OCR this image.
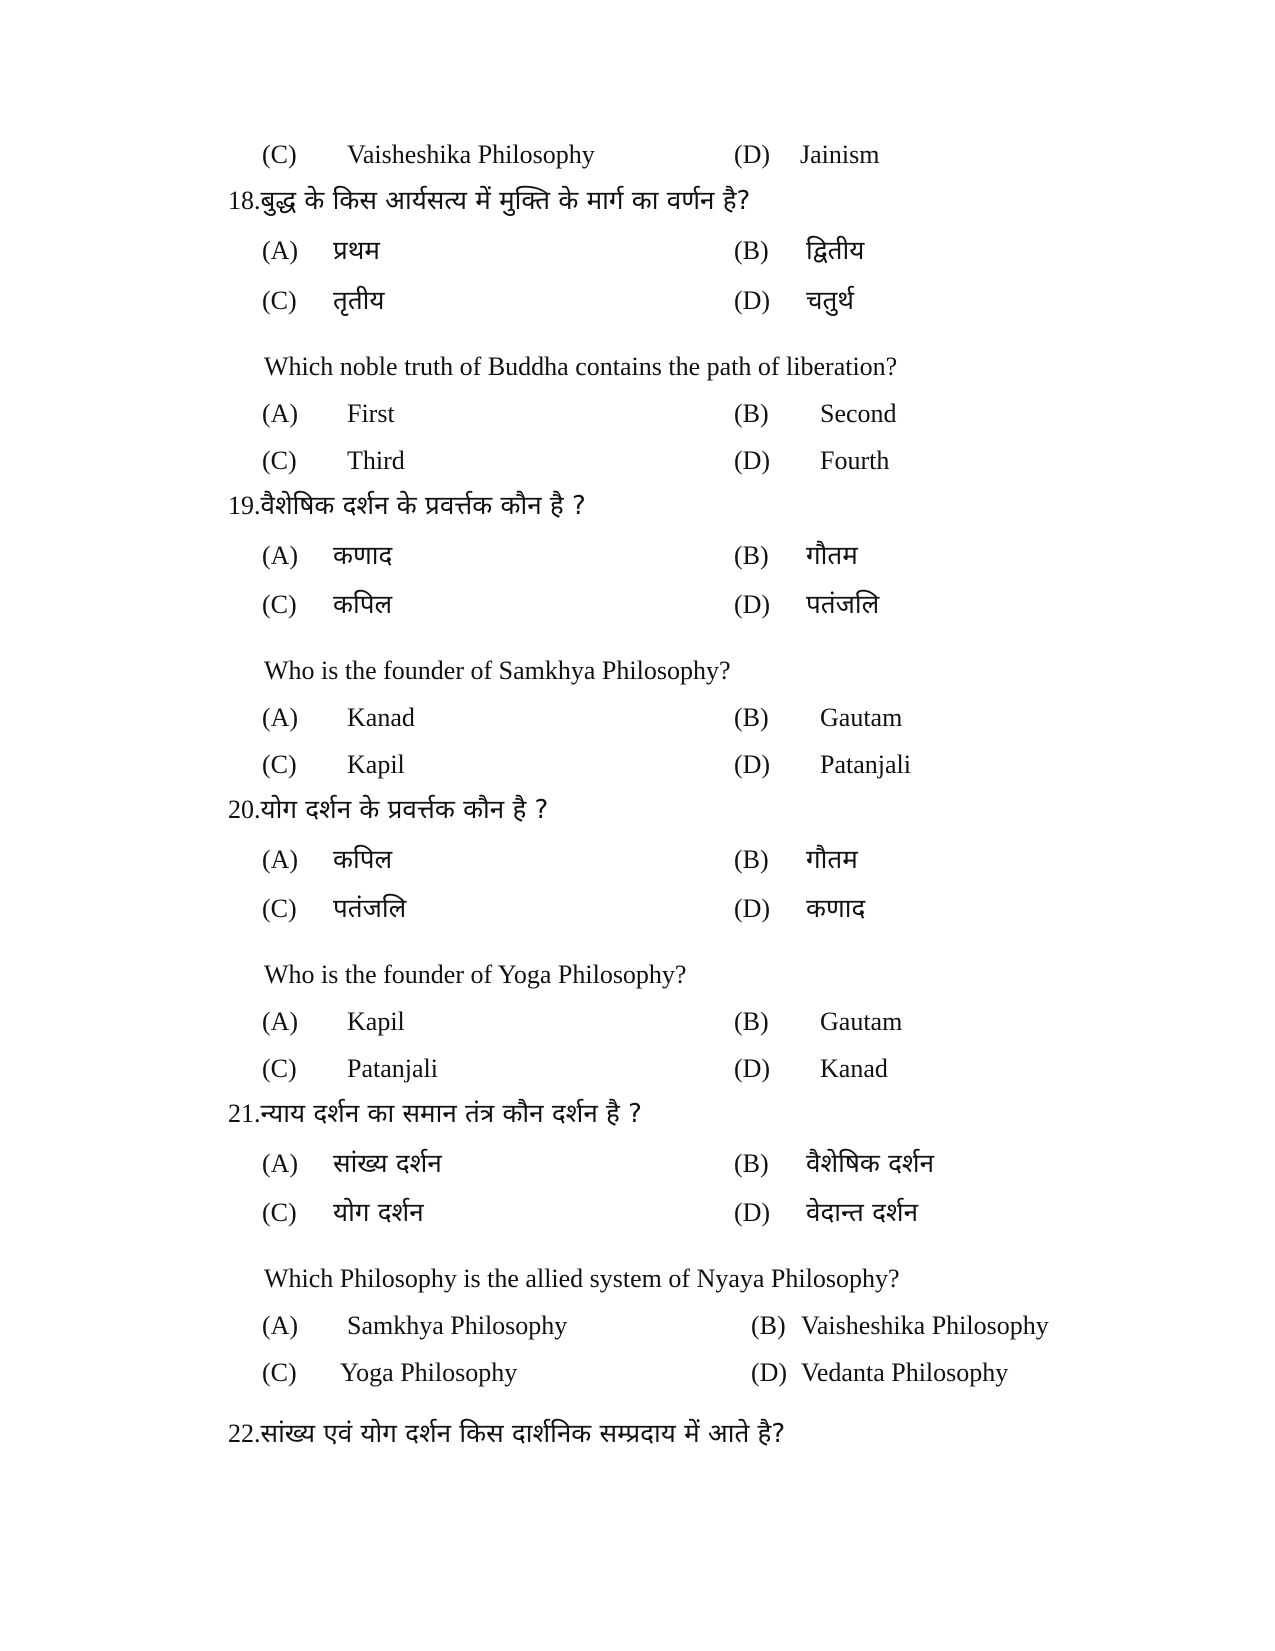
(C) Vaisheshika Philosophy	(D) Jainism
18.बुद्ध के किस आर्यसत्य में मुक्ति के मार्ग का वर्णन है?
(A) प्रथम	(B) द्वितीय
(C) तृतीय	(D) चतुर्थ
Which noble truth of Buddha contains the path of liberation?
(A) First	(B) Second
(C) Third	(D) Fourth
19.वैशेषिक दर्शन के प्रवर्त्तक कौन है ?
(A) कणाद	(B) गौतम
(C) कपिल	(D) पतंजलि
Who is the founder of Samkhya Philosophy?
(A) Kanad	(B) Gautam
(C) Kapil	(D) Patanjali
20.योग दर्शन के प्रवर्त्तक कौन है ?
(A) कपिल	(B) गौतम
(C) पतंजलि	(D) कणाद
Who is the founder of Yoga Philosophy?
(A) Kapil	(B) Gautam
(C) Patanjali	(D) Kanad
21.न्याय दर्शन का समान तंत्र कौन दर्शन है ?
(A) सांख्य दर्शन	(B) वैशेषिक दर्शन
(C) योग दर्शन	(D) वेदान्त दर्शन
Which Philosophy is the allied system of Nyaya Philosophy?
(A) Samkhya Philosophy	(B) Vaisheshika Philosophy
(C) Yoga Philosophy	(D) Vedanta Philosophy
22.सांख्य एवं योग दर्शन किस दार्शनिक सम्प्रदाय में आते है?
